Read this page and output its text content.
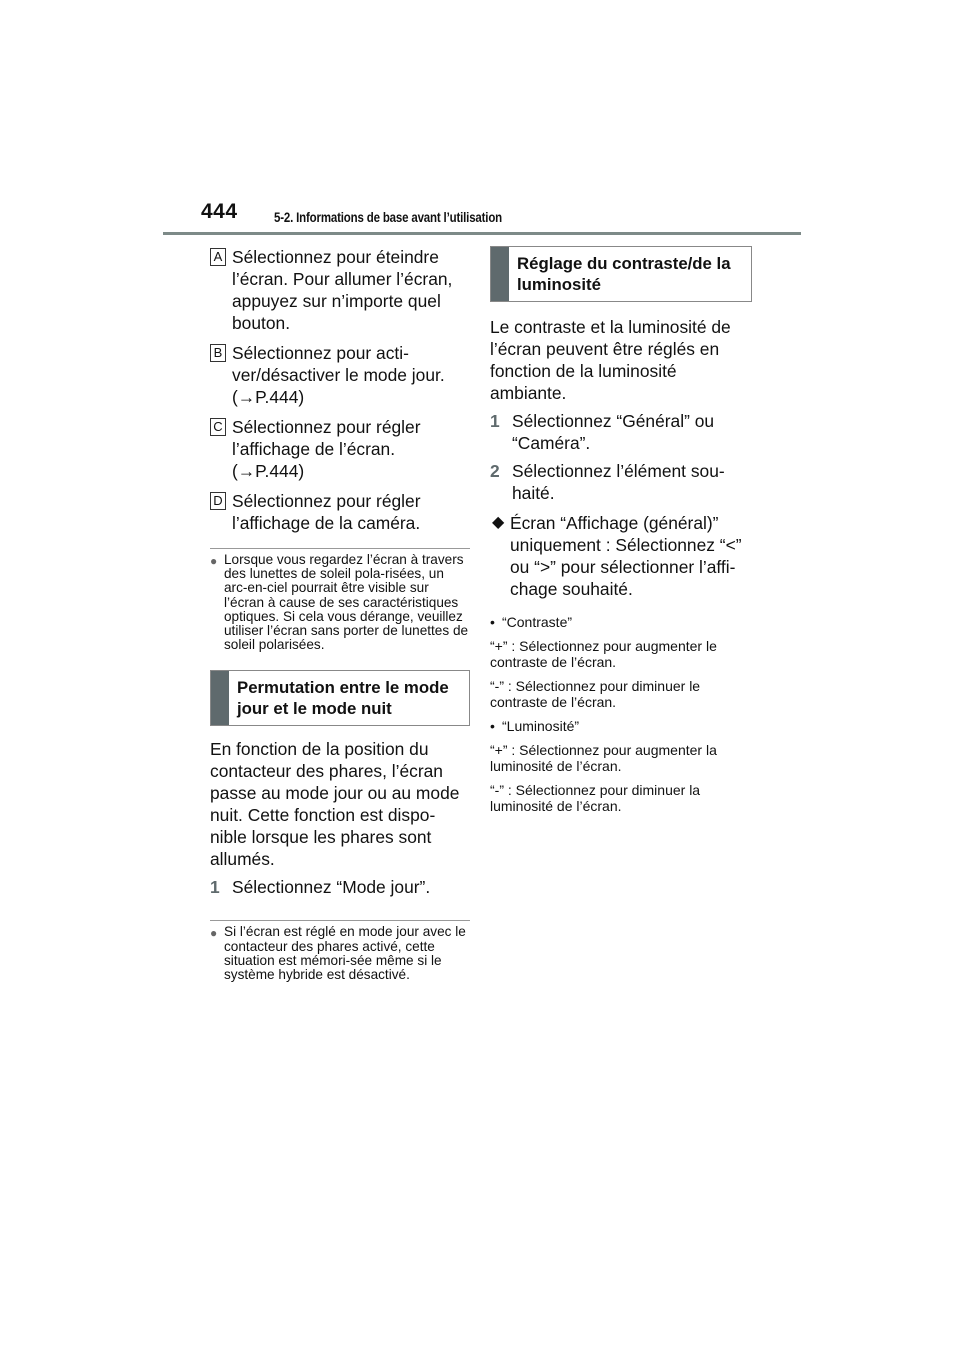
444	5-2. Informations de base avant l’utilisation
A Sélectionnez pour éteindre l’écran. Pour allumer l’écran, appuyez sur n’importe quel bouton.
B Sélectionnez pour acti-ver/désactiver le mode jour. (→P.444)
C Sélectionnez pour régler l’affichage de l’écran. (→P.444)
D Sélectionnez pour régler l’affichage de la caméra.
● Lorsque vous regardez l’écran à travers des lunettes de soleil pola-risées, un arc-en-ciel pourrait être visible sur l’écran à cause de ses caractéristiques optiques. Si cela vous dérange, veuillez utiliser l’écran sans porter de lunettes de soleil polarisées.
Permutation entre le mode jour et le mode nuit
En fonction de la position du contacteur des phares, l’écran passe au mode jour ou au mode nuit. Cette fonction est dispo-nible lorsque les phares sont allumés.
1 Sélectionnez “Mode jour”.
● Si l’écran est réglé en mode jour avec le contacteur des phares activé, cette situation est mémori-sée même si le système hybride est désactivé.
Réglage du contraste/de la luminosité
Le contraste et la luminosité de l’écran peuvent être réglés en fonction de la luminosité ambiante.
1 Sélectionnez “Général” ou “Caméra”.
2 Sélectionnez l’élément sou-haité.
◆ Écran “Affichage (général)” uniquement : Sélectionnez “<” ou “>” pour sélectionner l’affi-chage souhaité.
• “Contraste”
“+” : Sélectionnez pour augmenter le contraste de l’écran.
“-” : Sélectionnez pour diminuer le contraste de l’écran.
• “Luminosité”
“+” : Sélectionnez pour augmenter la luminosité de l’écran.
“-” : Sélectionnez pour diminuer la luminosité de l’écran.
